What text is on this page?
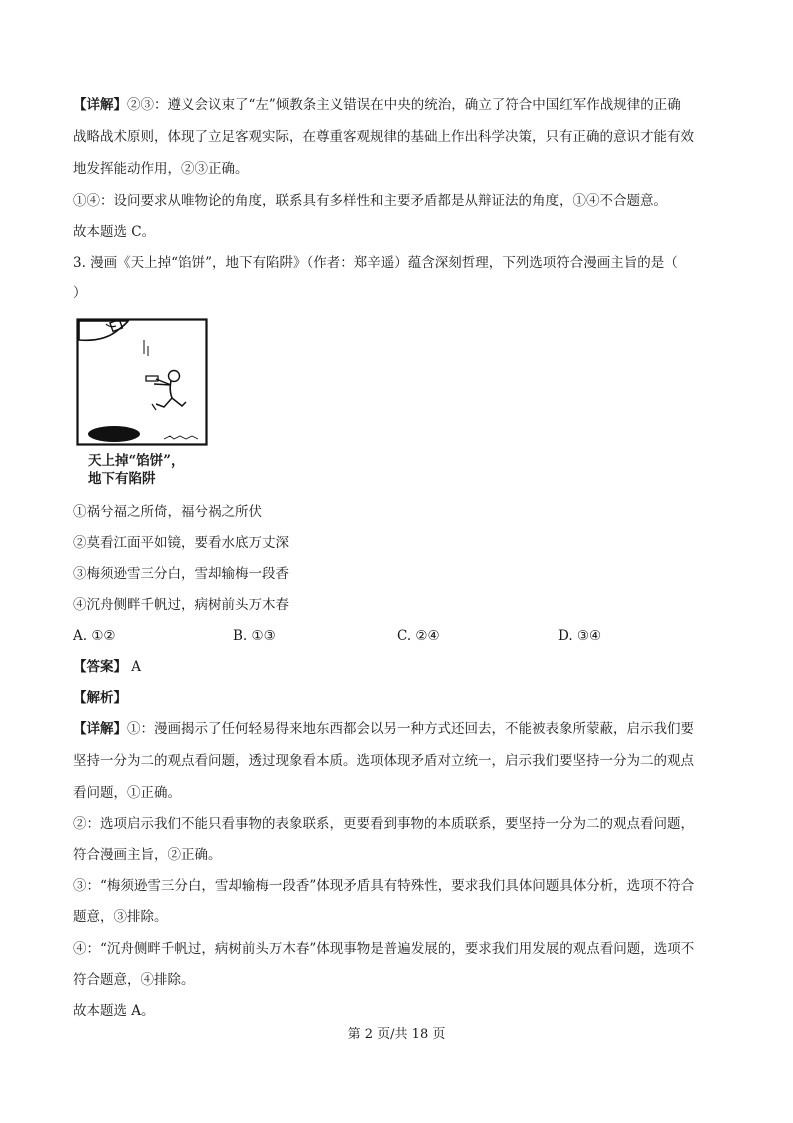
【详解】②③：遵义会议束了“左”倾教条主义错误在中央的统治，确立了符合中国红军作战规律的正确
战略战术原则，体现了立足客观实际，在尊重客观规律的基础上作出科学决策，只有正确的意识才能有效
地发挥能动作用，②③正确。
①④：设问要求从唯物论的角度，联系具有多样性和主要矛盾都是从辩证法的角度，①④不合题意。
故本题选 C。
3. 漫画《天上掉“馅饼”，地下有陷阱》（作者：郑辛遥）蕴含深刻哲理，下列选项符合漫画主旨的是（
）
天上掉“馅饼”，
地下有陷阱
①祸兮福之所倚，福兮祸之所伏
②莫看江面平如镜，要看水底万丈深
③梅须逊雪三分白，雪却输梅一段香
④沉舟侧畔千帆过，病树前头万木春
A. ①②	B. ①③	C. ②④	D. ③④
【答案】 A
【解析】
【详解】①：漫画揭示了任何轻易得来地东西都会以另一种方式还回去，不能被表象所蒙蔽，启示我们要
坚持一分为二的观点看问题，透过现象看本质。选项体现矛盾对立统一，启示我们要坚持一分为二的观点
看问题，①正确。
②：选项启示我们不能只看事物的表象联系，更要看到事物的本质联系，要坚持一分为二的观点看问题，
符合漫画主旨，②正确。
③：“梅须逊雪三分白，雪却输梅一段香”体现矛盾具有特殊性，要求我们具体问题具体分析，选项不符合
题意，③排除。
④：“沉舟侧畔千帆过，病树前头万木春”体现事物是普遍发展的，要求我们用发展的观点看问题，选项不
符合题意，④排除。
故本题选 A。
第 2 页/共 18 页
